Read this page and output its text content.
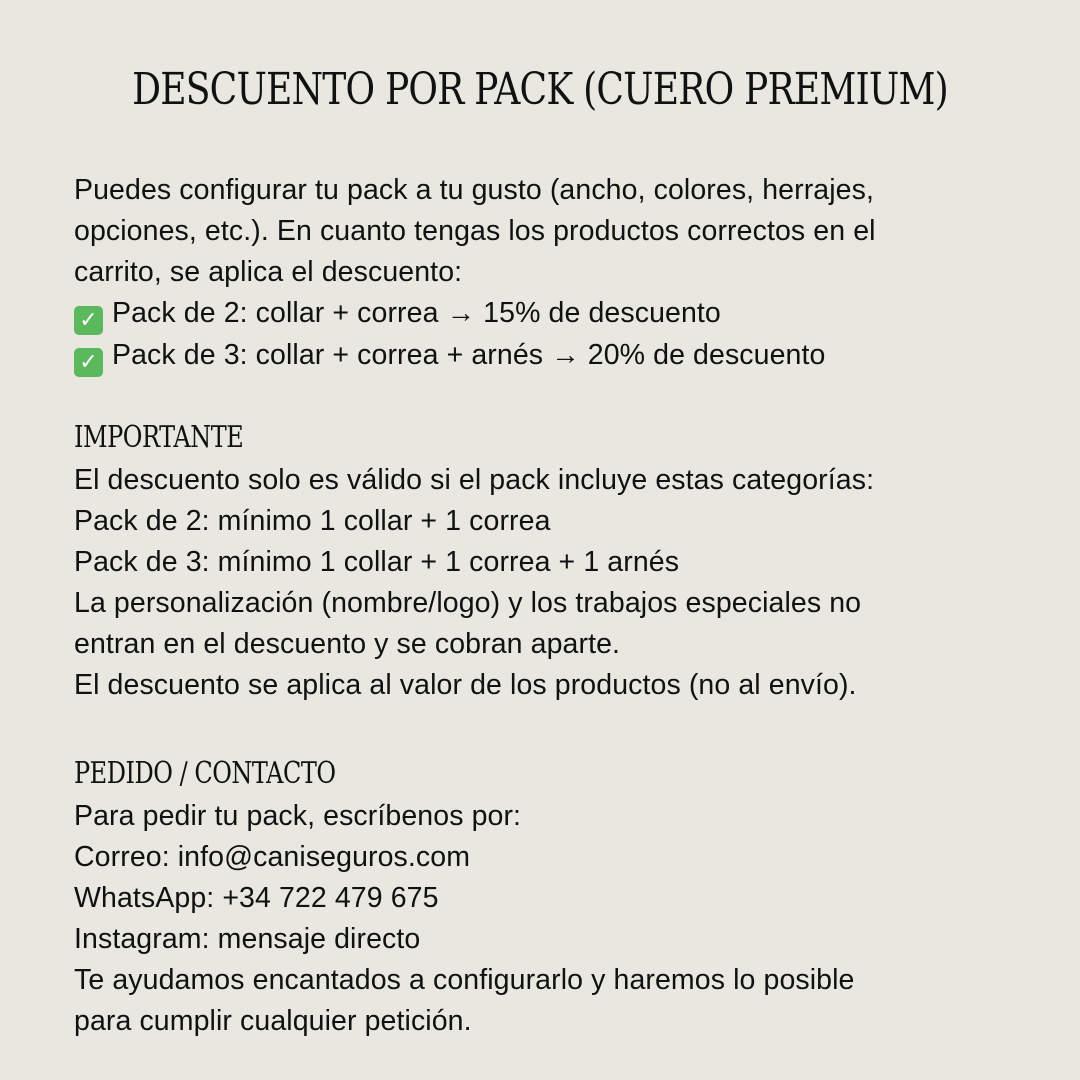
DESCUENTO POR PACK (CUERO PREMIUM)
Puedes configurar tu pack a tu gusto (ancho, colores, herrajes,
opciones, etc.). En cuanto tengas los productos correctos en el
carrito, se aplica el descuento:
✓ Pack de 2: collar + correa → 15% de descuento
✓ Pack de 3: collar + correa + arnés → 20% de descuento
IMPORTANTE
El descuento solo es válido si el pack incluye estas categorías:
Pack de 2: mínimo 1 collar + 1 correa
Pack de 3: mínimo 1 collar + 1 correa + 1 arnés
La personalización (nombre/logo) y los trabajos especiales no
entran en el descuento y se cobran aparte.
El descuento se aplica al valor de los productos (no al envío).
PEDIDO / CONTACTO
Para pedir tu pack, escríbenos por:
Correo: info@caniseguros.com
WhatsApp: +34 722 479 675
Instagram: mensaje directo
Te ayudamos encantados a configurarlo y haremos lo posible
para cumplir cualquier petición.
